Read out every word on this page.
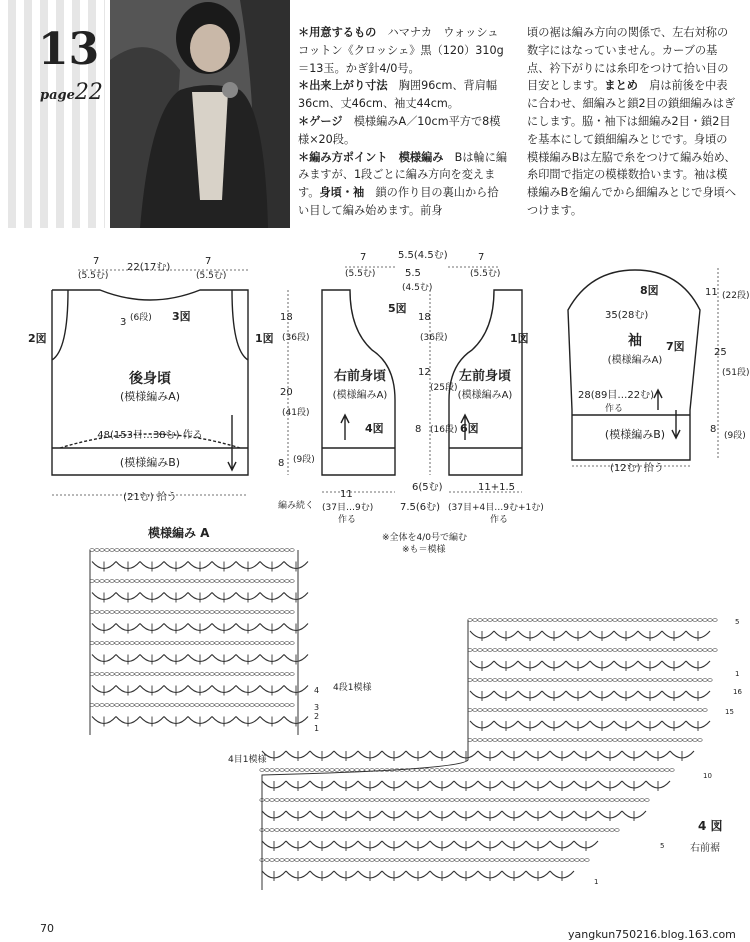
13
page22
＊用意するもの　ハマナカ　ウォッシュコットン《クロッシェ》黒（120）310g＝13玉。かぎ針4/0号。
＊出来上がり寸法　胸囲96cm、背肩幅36cm、丈46cm、袖丈44cm。
＊ゲージ　模様編みA／10cm平方で8模様×20段。
＊編み方ポイント　模様編み　Bは輪に編みますが、1段ごとに編み方向を変えます。身頃・袖　鎖の作り目の裏山から拾い目して編み始めます。前身
頃の裾は編み方向の関係で、左右対称の数字にはなっていません。カーブの基点、衿下がりには糸印をつけて拾い目の目安とします。まとめ　肩は前後を中表に合わせ、細編みと鎖2目の鎖細編みはぎにします。脇・袖下は細編み2目・鎖2目を基本にして鎖細編みとじです。身頃の模様編みBは左脇で糸をつけて編み始め、糸印間で指定の模様数拾います。袖は模様編みBを編んでから細編みとじで身頃へつけます。
7
(5.5む)
22(17む)
7
(5.5む)
3 (6段) 3図
2図	1図
後身頃
(模様編みA)
48(153目…38む) 作る
(模様編みB)
(21む) 拾う
18
(36段)
20
(41段)
8 (9段)
編み続く
7
(5.5む)
5.5(4.5む)
5.5
(4.5む)
7
(5.5む)
5図
1図
4図	6図
右前身頃
(模様編みA)
左前身頃
(模様編みA)
18
(36段)
12
(25段)
8 (16段)
11
(37目…9む)
作る
7.5(6む)
6(5む)	11+1.5
(37目+4目…9む+1む)
作る
8図
7図
35(28む)
袖
(模様編みA)
28(89目…22む)
作る
(模様編みB)
(12む) 拾う
11 (22段)
25
(51段)
8
(9段)
※全体を4/0号で編む
※も＝模様
模様編み A
4
3
2
1
4段1模様
4目1模様
5
1
16
15
10
5
1
4 図
右前裾
70	yangkun750216.blog.163.com
